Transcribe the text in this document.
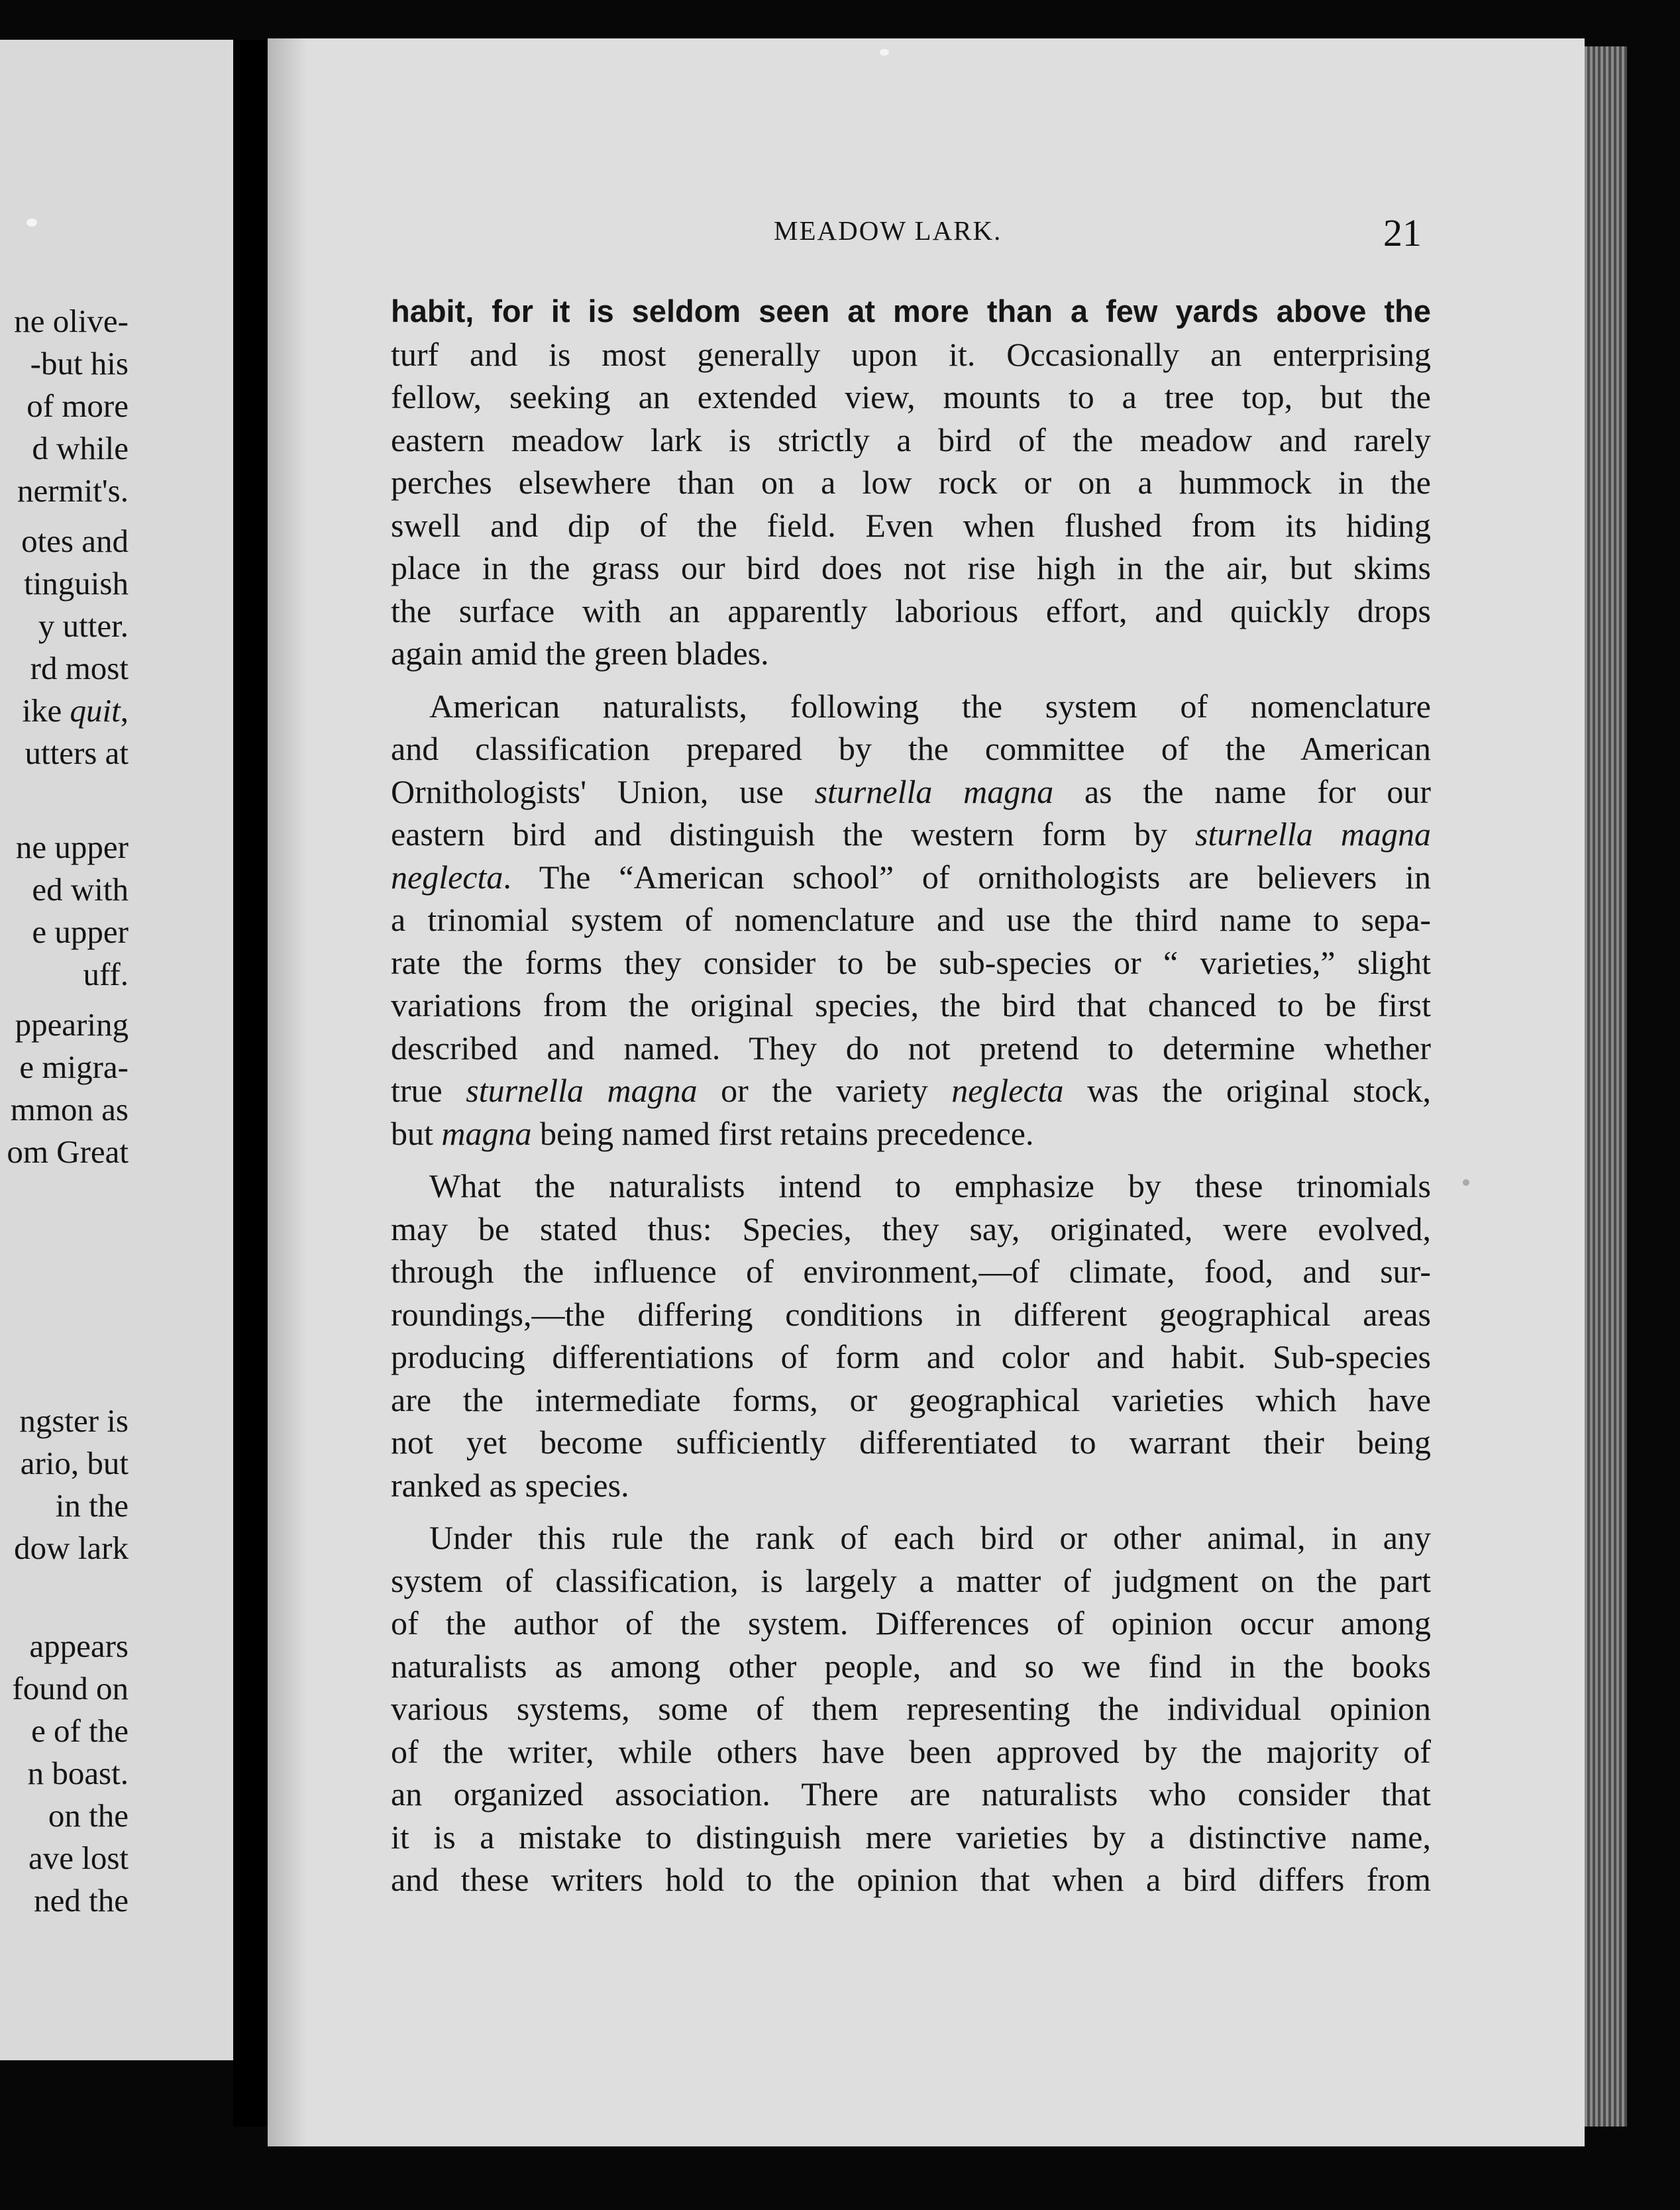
ne olive-
-but his
of more
d while
nermit's.
otes and
tinguish
y utter.
rd most
ike quit,
utters at
ne upper
ed with
e upper
uff.
ppearing
e migra-
mmon as
om Great
ngster is
ario, but
in the
dow lark
appears
found on
e of the
n boast.
on the
ave lost
ned the
MEADOW LARK.	21
habit, for it is seldom seen at more than a few yards above the
turf and is most generally upon it. Occasionally an enterprising
fellow, seeking an extended view, mounts to a tree top, but the
eastern meadow lark is strictly a bird of the meadow and rarely
perches elsewhere than on a low rock or on a hummock in the
swell and dip of the field. Even when flushed from its hiding
place in the grass our bird does not rise high in the air, but skims
the surface with an apparently laborious effort, and quickly drops
again amid the green blades.
American naturalists, following the system of nomenclature
and classification prepared by the committee of the American
Ornithologists' Union, use sturnella magna as the name for our
eastern bird and distinguish the western form by sturnella magna
neglecta. The “American school” of ornithologists are believers in
a trinomial system of nomenclature and use the third name to sepa-
rate the forms they consider to be sub-species or “ varieties,” slight
variations from the original species, the bird that chanced to be first
described and named. They do not pretend to determine whether
true sturnella magna or the variety neglecta was the original stock,
but magna being named first retains precedence.
What the naturalists intend to emphasize by these trinomials
may be stated thus: Species, they say, originated, were evolved,
through the influence of environment,—of climate, food, and sur-
roundings,—the differing conditions in different geographical areas
producing differentiations of form and color and habit. Sub-species
are the intermediate forms, or geographical varieties which have
not yet become sufficiently differentiated to warrant their being
ranked as species.
Under this rule the rank of each bird or other animal, in any
system of classification, is largely a matter of judgment on the part
of the author of the system. Differences of opinion occur among
naturalists as among other people, and so we find in the books
various systems, some of them representing the individual opinion
of the writer, while others have been approved by the majority of
an organized association. There are naturalists who consider that
it is a mistake to distinguish mere varieties by a distinctive name,
and these writers hold to the opinion that when a bird differs from
